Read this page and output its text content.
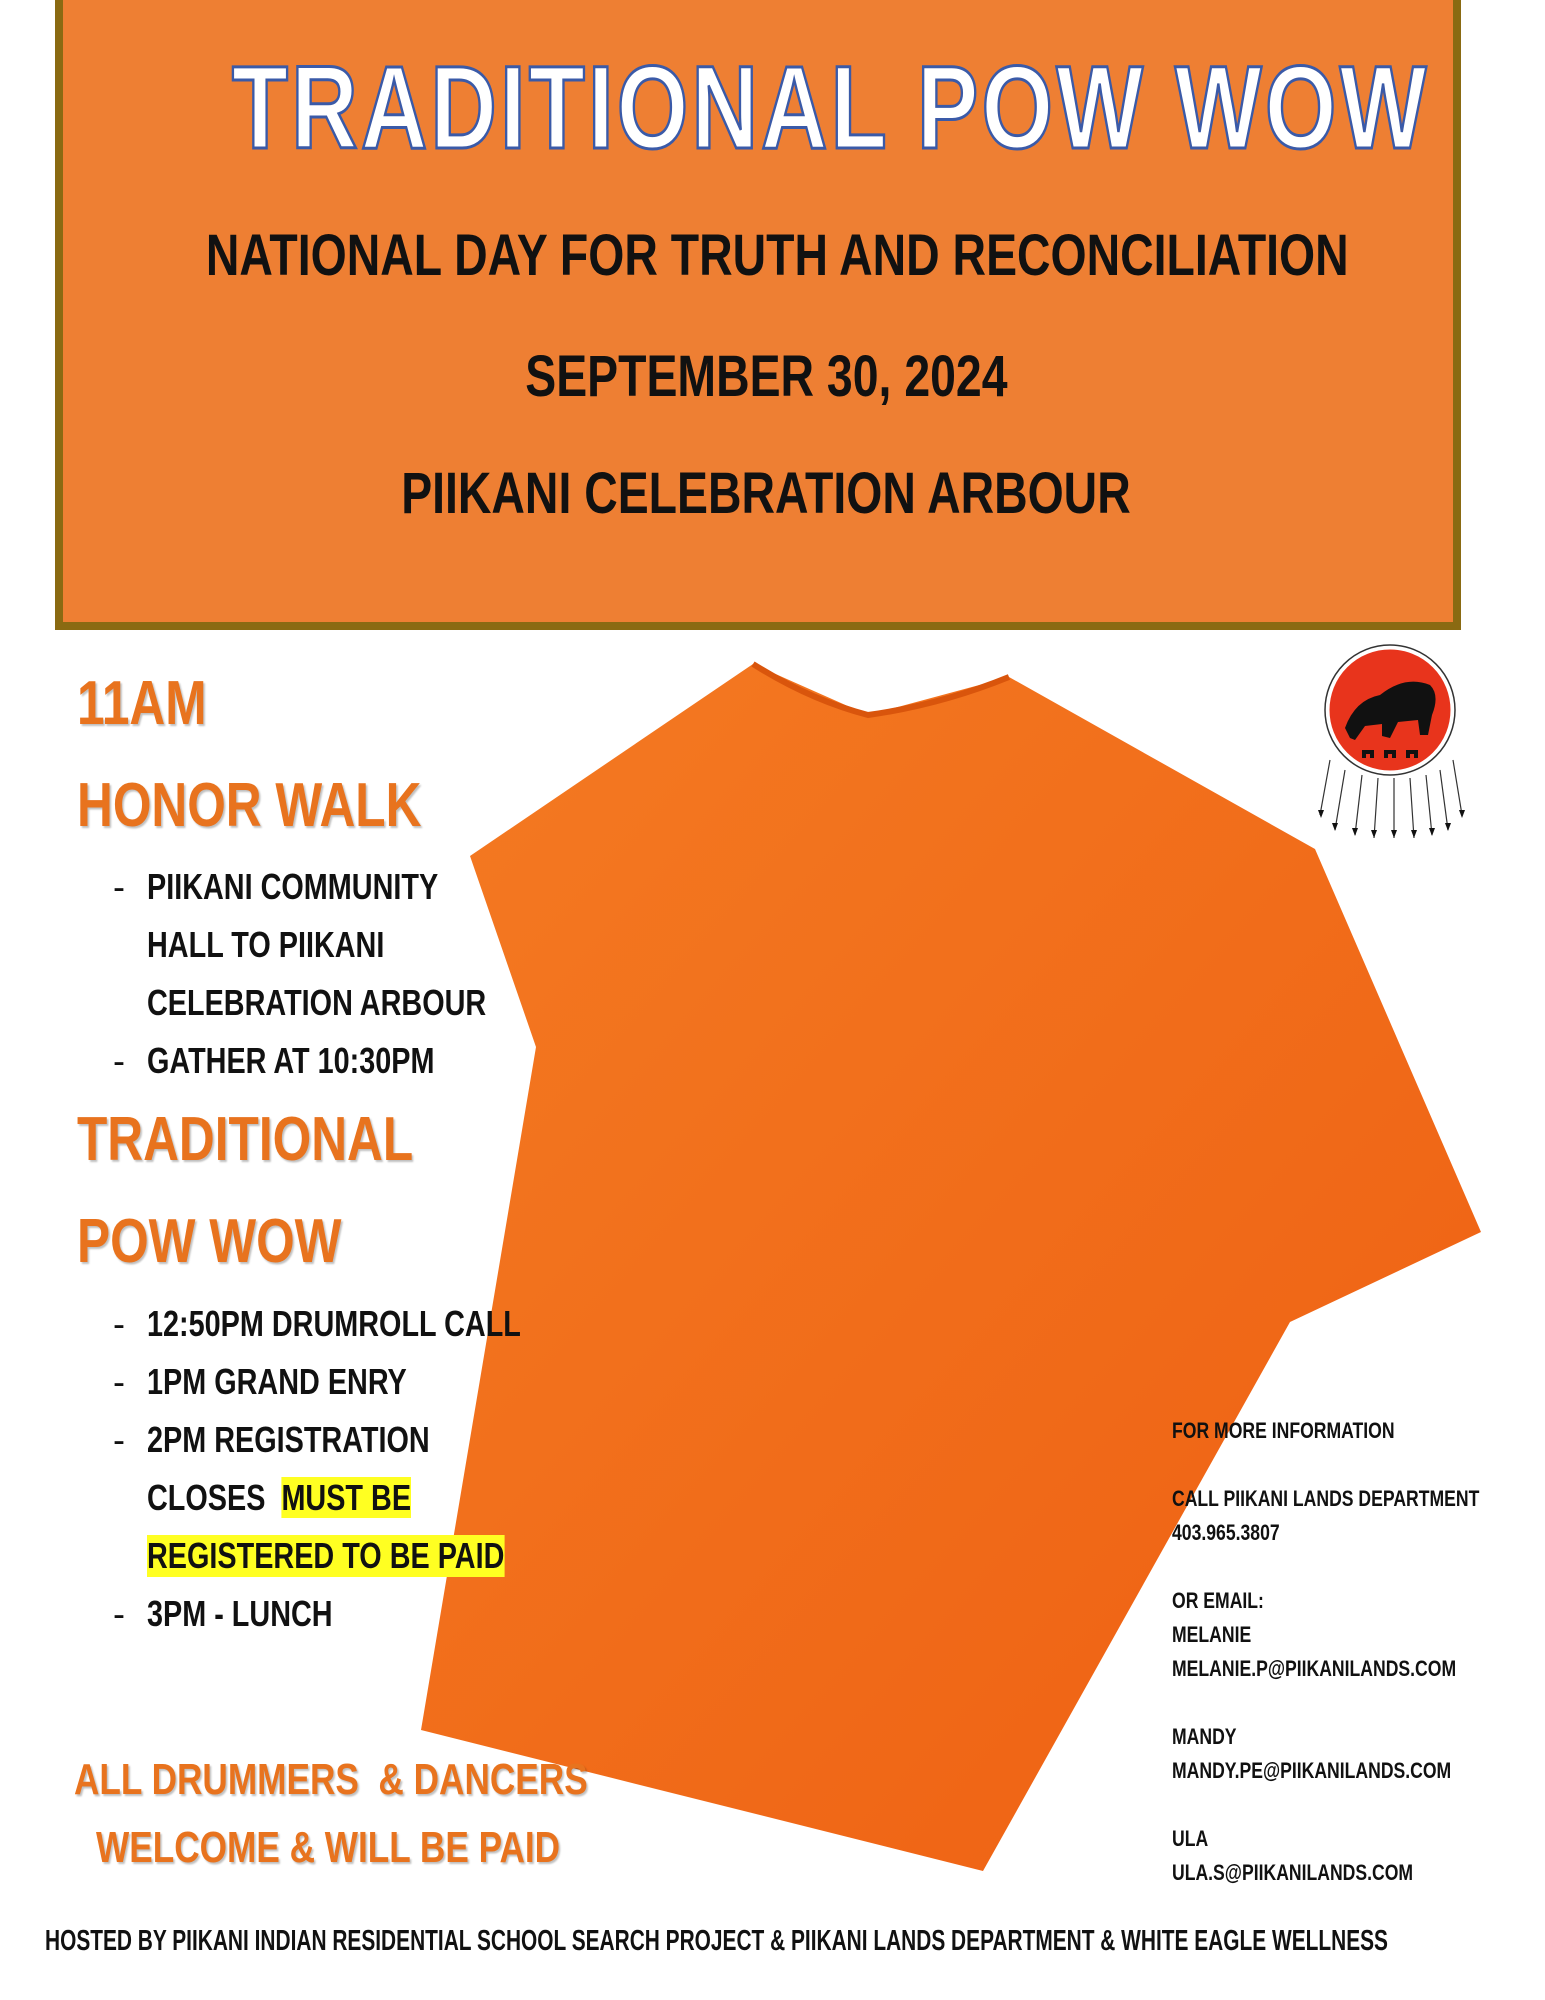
TRADITIONAL POW WOW
NATIONAL DAY FOR TRUTH AND RECONCILIATION
SEPTEMBER 30, 2024
PIIKANI CELEBRATION ARBOUR
11AM
HONOR WALK
- PIIKANI COMMUNITY
HALL TO PIIKANI
CELEBRATION ARBOUR
- GATHER AT 10:30PM
TRADITIONAL
POW WOW
- 12:50PM DRUMROLL CALL
- 1PM GRAND ENRY
- 2PM REGISTRATION
CLOSES MUST BE
REGISTERED TO BE PAID
- 3PM - LUNCH
ALL DRUMMERS  & DANCERS
WELCOME & WILL BE PAID
FOR MORE INFORMATION
CALL PIIKANI LANDS DEPARTMENT
403.965.3807
OR EMAIL:
MELANIE
MELANIE.P@PIIKANILANDS.COM
MANDY
MANDY.PE@PIIKANILANDS.COM
ULA
ULA.S@PIIKANILANDS.COM
HOSTED BY PIIKANI INDIAN RESIDENTIAL SCHOOL SEARCH PROJECT & PIIKANI LANDS DEPARTMENT & WHITE EAGLE WELLNESS
